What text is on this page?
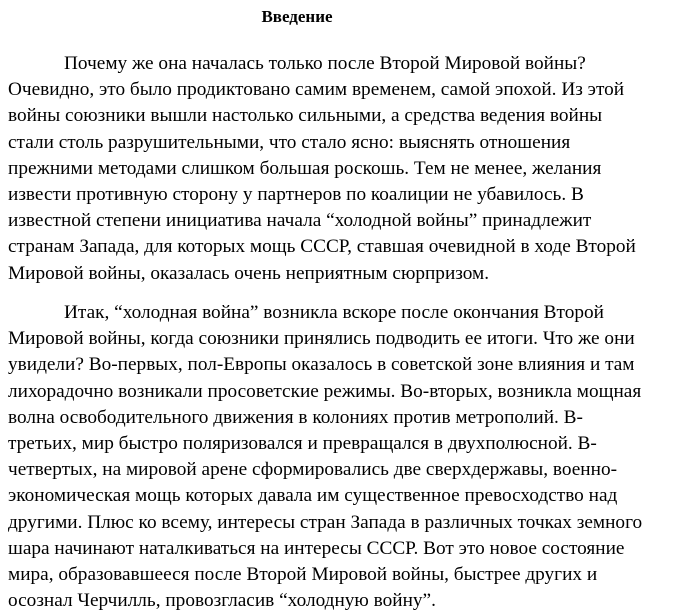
Введение

Почему же она началась только после Второй Мировой войны?
Очевидно, это было продиктовано самим временем, самой эпохой. Из этой
войны союзники вышли настолько сильными, а средства ведения войны
стали столь разрушительными, что стало ясно: выяснять отношения
прежними методами слишком большая роскошь. Тем не менее, желания
извести противную сторону у партнеров по коалиции не убавилось. В
известной степени инициатива начала “холодной войны” принадлежит
странам Запада, для которых мощь СССР, ставшая очевидной в ходе Второй
Мировой войны, оказалась очень неприятным сюрпризом.

Итак, “холодная война” возникла вскоре после окончания Второй
Мировой войны, когда союзники принялись подводить ее итоги. Что же они
увидели? Во-первых, пол-Европы оказалось в советской зоне влияния и там
лихорадочно возникали просоветские режимы. Во-вторых, возникла мощная
волна освободительного движения в колониях против метрополий. В-
третьих, мир быстро поляризовался и превращался в двухполюсной. В-
четвертых, на мировой арене сформировались две сверхдержавы, военно-
экономическая мощь которых давала им существенное превосходство над
другими. Плюс ко всему, интересы стран Запада в различных точках земного
шара начинают наталкиваться на интересы СССР. Вот это новое состояние
мира, образовавшееся после Второй Мировой войны, быстрее других и
осознал Черчилль, провозгласив “холодную войну”.
